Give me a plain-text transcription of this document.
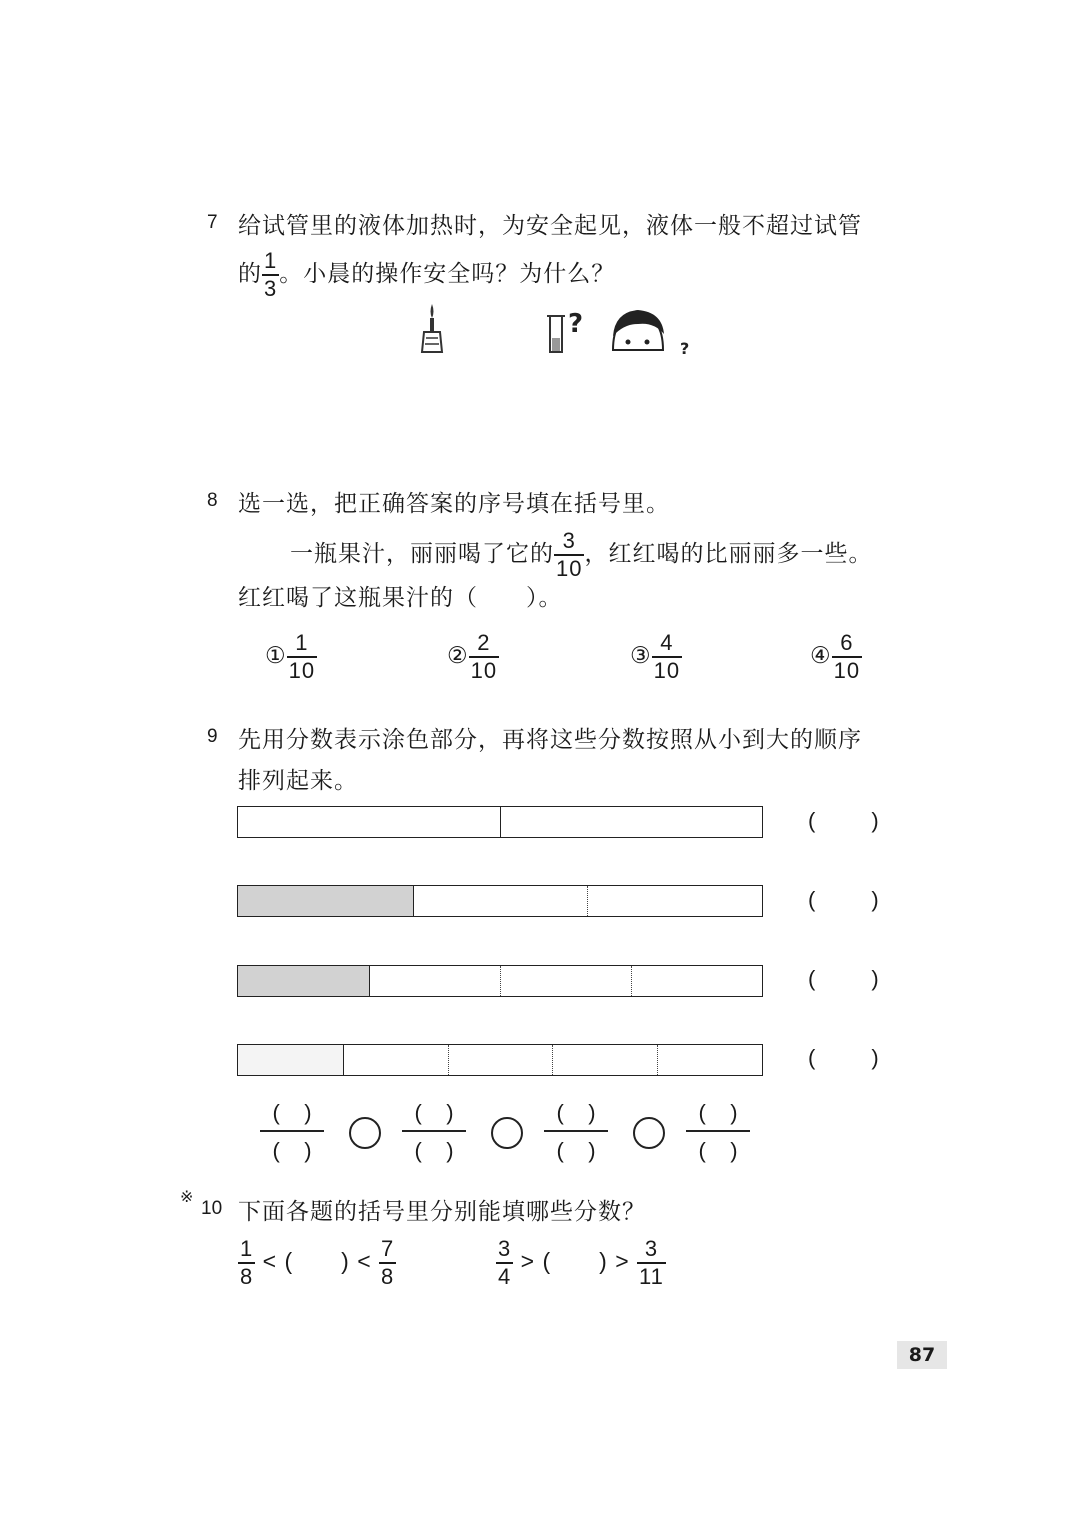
7 给试管里的液体加热时，为安全起见，液体一般不超过试管
的 $\frac{1}{3}$ 。小晨的操作安全吗？为什么？
?
?
8 选一选，把正确答案的序号填在括号里。
一瓶果汁，丽丽喝了它的 $\frac{3}{10}$ ，红红喝的比丽丽多一些。
红红喝了这瓶果汁的（　　）。
① $\frac{1}{10}$	② $\frac{2}{10}$	③ $\frac{4}{10}$	④ $\frac{6}{10}$
9 先用分数表示涂色部分，再将这些分数按照从小到大的顺序
排列起来。
(	)
(	)
(	)
(	)
( )
( )
( )
( )
( )
( )
( )
( )
※
10 下面各题的括号里分别能填哪些分数？
$\frac{1}{8}$ < (　　) < $\frac{7}{8}$	$\frac{3}{4}$ > (　　) > $\frac{3}{11}$
87
